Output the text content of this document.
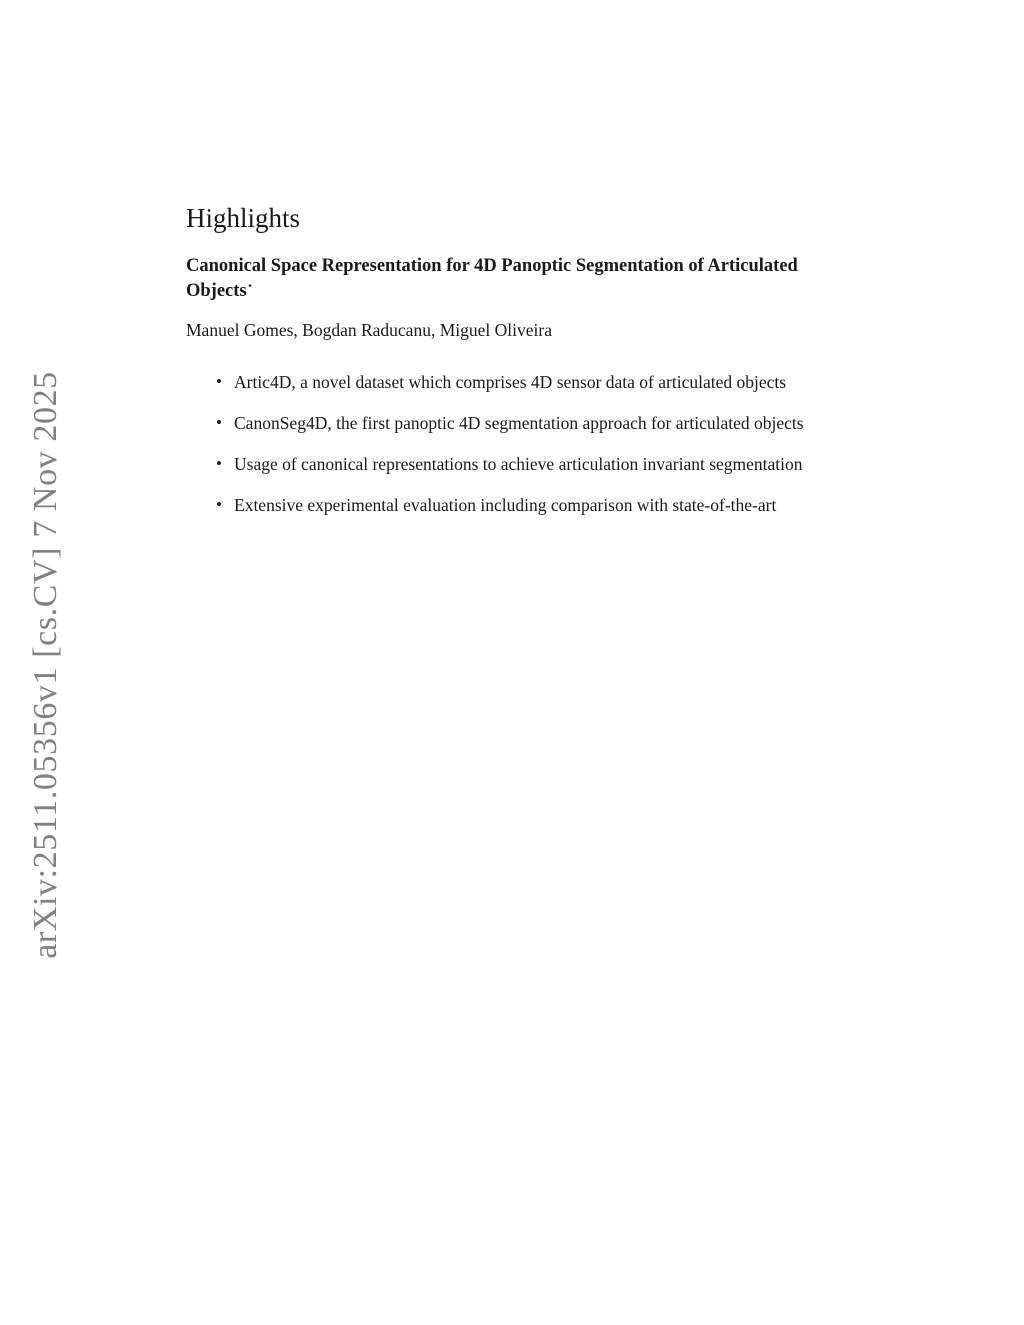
arXiv:2511.05356v1 [cs.CV] 7 Nov 2025
Highlights
Canonical Space Representation for 4D Panoptic Segmentation of Articulated Objects⋆
Manuel Gomes, Bogdan Raducanu, Miguel Oliveira
• Artic4D, a novel dataset which comprises 4D sensor data of articulated objects
• CanonSeg4D, the first panoptic 4D segmentation approach for articulated objects
• Usage of canonical representations to achieve articulation invariant segmentation
• Extensive experimental evaluation including comparison with state-of-the-art
